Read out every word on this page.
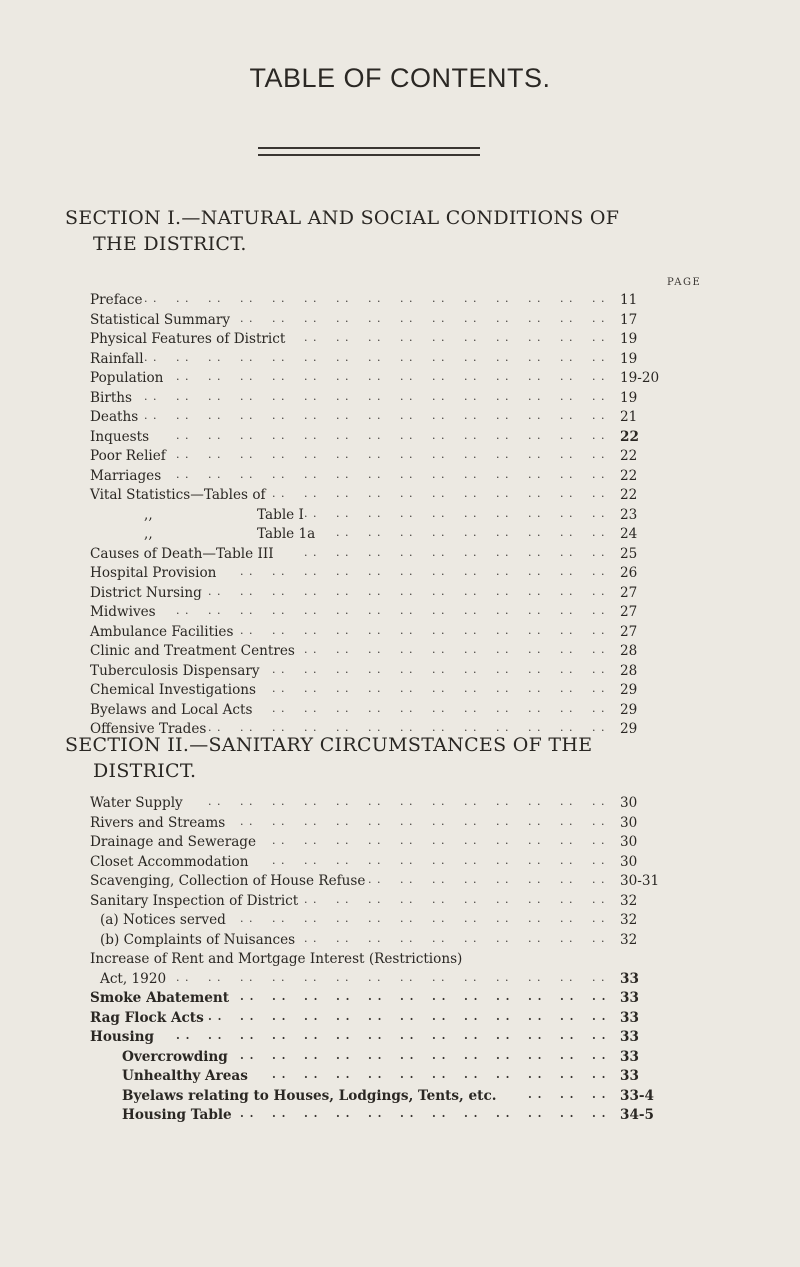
TABLE OF CONTENTS.
SECTION I.—NATURAL AND SOCIAL CONDITIONS OF
THE DISTRICT.
PAGE
Preface	11
. . . . . . . . . . . . . . . . . . . . . . . . . . . . . .
Statistical Summary	17
. . . . . . . . . . . . . . . . . . . . . . . .
Physical Features of District	19
. . . . . . . . . . . . . . . . . . . .
Rainfall	19
. . . . . . . . . . . . . . . . . . . . . . . . . . . . . .
Population	19-20
. . . . . . . . . . . . . . . . . . . . . . . . . . . .
Births	19
. . . . . . . . . . . . . . . . . . . . . . . . . . . . . .
Deaths	21
. . . . . . . . . . . . . . . . . . . . . . . . . . . . . .
Inquests	22
. . . . . . . . . . . . . . . . . . . . . . . . . . . .
Poor Relief	22
. . . . . . . . . . . . . . . . . . . . . . . . . . . .
Marriages	22
. . . . . . . . . . . . . . . . . . . . . . . . . . . .
Vital Statistics—Tables of	22
. . . . . . . . . . . . . . . . . . . . . .
,,	Table I	23
. . . . . . . . . . . . . . . . . . . .
,,	Table 1a	24
. . . . . . . . . . . . . . . . . .
Causes of Death—Table III	25
. . . . . . . . . . . . . . . . . . . .
Hospital Provision	26
. . . . . . . . . . . . . . . . . . . . . . . .
District Nursing	27
. . . . . . . . . . . . . . . . . . . . . . . . . .
Midwives	27
. . . . . . . . . . . . . . . . . . . . . . . . . . . .
Ambulance Facilities	27
. . . . . . . . . . . . . . . . . . . . . . . .
Clinic and Treatment Centres	28
. . . . . . . . . . . . . . . . . . . .
Tuberculosis Dispensary	28
. . . . . . . . . . . . . . . . . . . . . .
Chemical Investigations	29
. . . . . . . . . . . . . . . . . . . . . .
Byelaws and Local Acts	29
. . . . . . . . . . . . . . . . . . . . . .
Offensive Trades	29
. . . . . . . . . . . . . . . . . . . . . . . . . .
SECTION II.—SANITARY CIRCUMSTANCES OF THE
DISTRICT.
Water Supply	30
. . . . . . . . . . . . . . . . . . . . . . . . . .
Rivers and Streams	30
. . . . . . . . . . . . . . . . . . . . . . . .
Drainage and Sewerage	30
. . . . . . . . . . . . . . . . . . . . . .
Closet Accommodation	30
. . . . . . . . . . . . . . . . . . . . . .
Scavenging, Collection of House Refuse	30-31
. . . . . . . . . . . . . . . .
Sanitary Inspection of District	32
. . . . . . . . . . . . . . . . . . . .
(a) Notices served	32
. . . . . . . . . . . . . . . . . . . . . . . .
(b) Complaints of Nuisances	32
. . . . . . . . . . . . . . . . . . . .
Increase of Rent and Mortgage Interest (Restrictions)
Act, 1920	33
. . . . . . . . . . . . . . . . . . . . . . . . . . . .
Smoke Abatement	33
. . . . . . . . . . . . . . . . . . . . . . . .
Rag Flock Acts	33
. . . . . . . . . . . . . . . . . . . . . . . . . .
Housing	33
. . . . . . . . . . . . . . . . . . . . . . . . . . . .
Overcrowding	33
. . . . . . . . . . . . . . . . . . . . . . . .
Unhealthy Areas	33
. . . . . . . . . . . . . . . . . . . . . .
Byelaws relating to Houses, Lodgings, Tents, etc.	33-4
. . . . . .
Housing Table	34-5
. . . . . . . . . . . . . . . . . . . . . . . .
